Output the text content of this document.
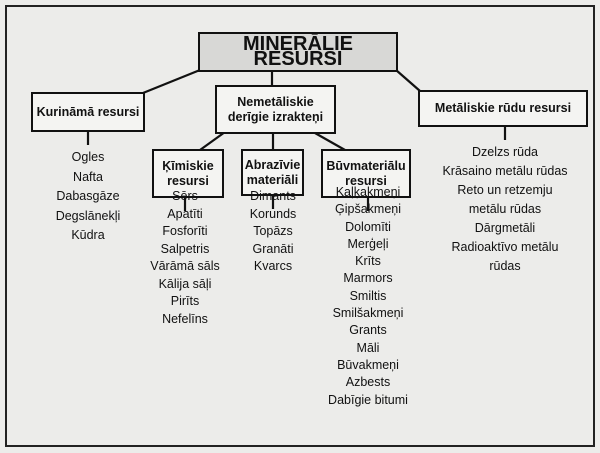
MINERĀLIE RESURSI
Kurināmā resursi
Nemetāliskie
derīgie izrakteņi
Metāliskie rūdu resursi
Ķīmiskie
resursi
Abrazīvie
materiāli
Būvmateriālu
resursi
Ogles
Nafta
Dabasgāze
Degslānekļi
Kūdra
Sērs
Apatīti
Fosforīti
Salpetris
Vārāmā sāls
Kālija sāļi
Pirīts
Nefelīns
Dimants
Korunds
Topāzs
Granāti
Kvarcs
Kaļķakmeņi
Ģipšakmeņi
Dolomīti
Merģeļi
Krīts
Marmors
Smiltis
Smilšakmeņi
Grants
Māli
Būvakmeņi
Azbests
Dabīgie bitumi
Dzelzs rūda
Krāsaino metālu rūdas
Reto un retzemju
metālu rūdas
Dārgmetāli
Radioaktīvo metālu
rūdas
